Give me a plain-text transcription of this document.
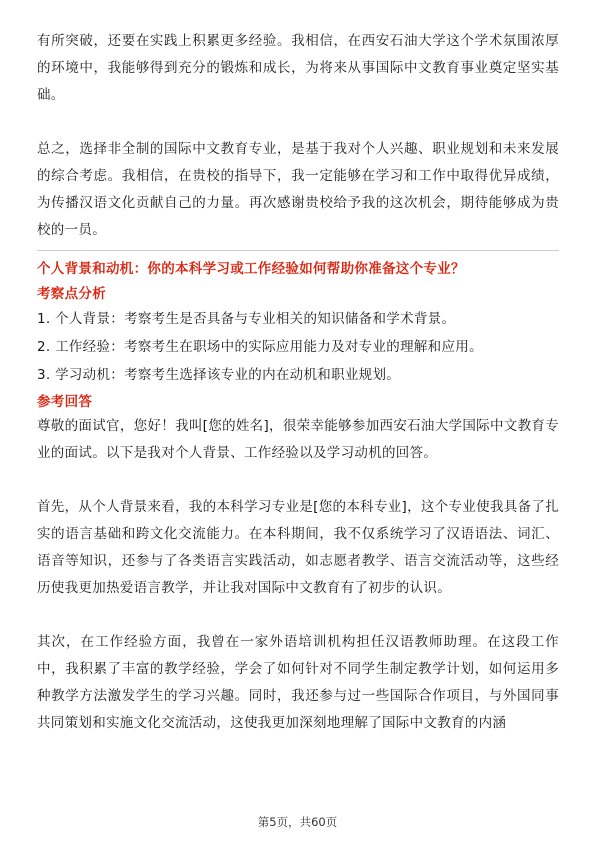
有所突破，还要在实践上积累更多经验。我相信，在西安石油大学这个学术氛围浓厚的环境中，我能够得到充分的锻炼和成长，为将来从事国际中文教育事业奠定坚实基础。

总之，选择非全制的国际中文教育专业，是基于我对个人兴趣、职业规划和未来发展的综合考虑。我相信，在贵校的指导下，我一定能够在学习和工作中取得优异成绩，为传播汉语文化贡献自己的力量。再次感谢贵校给予我的这次机会，期待能够成为贵校的一员。

个人背景和动机：你的本科学习或工作经验如何帮助你准备这个专业？
考察点分析
1. 个人背景：考察考生是否具备与专业相关的知识储备和学术背景。
2. 工作经验：考察考生在职场中的实际应用能力及对专业的理解和应用。
3. 学习动机：考察考生选择该专业的内在动机和职业规划。
参考回答

尊敬的面试官，您好！我叫[您的姓名]，很荣幸能够参加西安石油大学国际中文教育专业的面试。以下是我对个人背景、工作经验以及学习动机的回答。

首先，从个人背景来看，我的本科学习专业是[您的本科专业]，这个专业使我具备了扎实的语言基础和跨文化交流能力。在本科期间，我不仅系统学习了汉语语法、词汇、语音等知识，还参与了各类语言实践活动，如志愿者教学、语言交流活动等，这些经历使我更加热爱语言教学，并让我对国际中文教育有了初步的认识。

其次，在工作经验方面，我曾在一家外语培训机构担任汉语教师助理。在这段工作中，我积累了丰富的教学经验，学会了如何针对不同学生制定教学计划，如何运用多种教学方法激发学生的学习兴趣。同时，我还参与过一些国际合作项目，与外国同事共同策划和实施文化交流活动，这使我更加深刻地理解了国际中文教育的内涵

第5页，共60页
